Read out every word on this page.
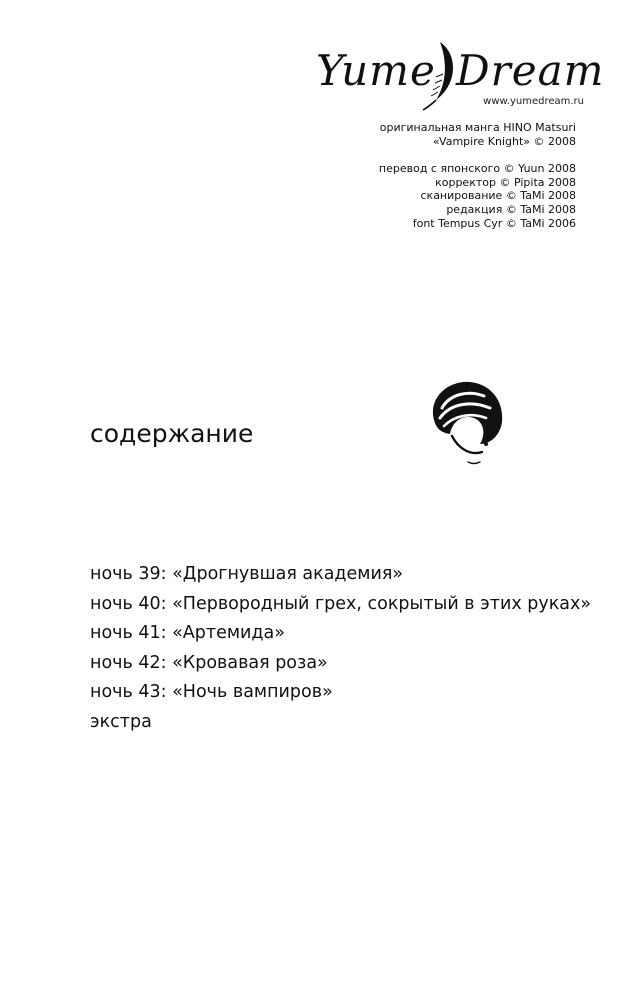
Yume Dream
www.yumedream.ru
оригинальная манга HINO Matsuri
«Vampire Knight» © 2008
перевод с японского © Yuun 2008
корректор © Pipita 2008
сканирование © TaMi 2008
редакция © TaMi 2008
font Tempus Cyr © TaMi 2006
содержание
ночь 39: «Дрогнувшая академия»
ночь 40: «Первородный грех, сокрытый в этих руках»
ночь 41: «Артемида»
ночь 42: «Кровавая роза»
ночь 43: «Ночь вампиров»
экстра
